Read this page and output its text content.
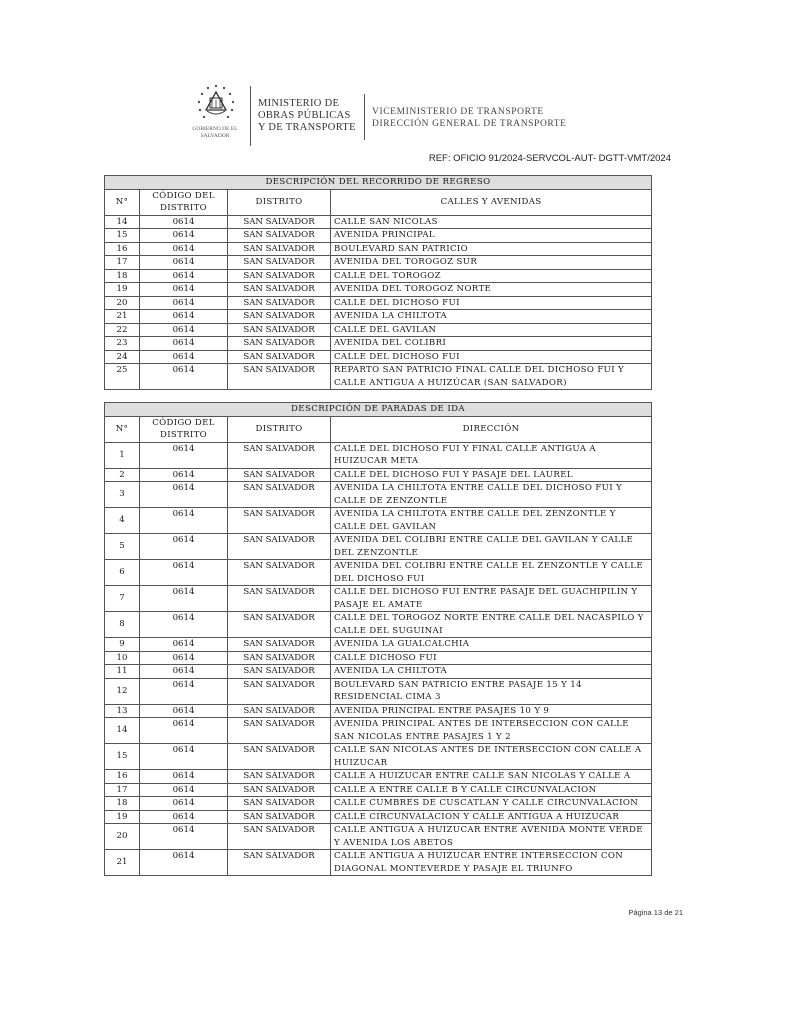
GOBIERNO DE EL SALVADOR
MINISTERIO DE
OBRAS PÚBLICAS
Y DE TRANSPORTE
VICEMINISTERIO DE TRANSPORTE
DIRECCIÓN GENERAL DE TRANSPORTE
REF: OFICIO 91/2024-SERVCOL-AUT- DGTT-VMT/2024
DESCRIPCIÓN DEL RECORRIDO DE REGRESO			
N°	CÓDIGO DEL DISTRITO	DISTRITO	CALLES Y AVENIDAS
14	0614	SAN SALVADOR	CALLE SAN NICOLAS
15	0614	SAN SALVADOR	AVENIDA PRINCIPAL
16	0614	SAN SALVADOR	BOULEVARD SAN PATRICIO
17	0614	SAN SALVADOR	AVENIDA DEL TOROGOZ SUR
18	0614	SAN SALVADOR	CALLE DEL TOROGOZ
19	0614	SAN SALVADOR	AVENIDA DEL TOROGOZ NORTE
20	0614	SAN SALVADOR	CALLE DEL DICHOSO FUI
21	0614	SAN SALVADOR	AVENIDA LA CHILTOTA
22	0614	SAN SALVADOR	CALLE DEL GAVILAN
23	0614	SAN SALVADOR	AVENIDA DEL COLIBRI
24	0614	SAN SALVADOR	CALLE DEL DICHOSO FUI
25	0614	SAN SALVADOR	REPARTO SAN PATRICIO FINAL CALLE DEL DICHOSO FUI Y CALLE ANTIGUA A HUIZÚCAR (SAN SALVADOR)
DESCRIPCIÓN DE PARADAS DE IDA			
N°	CÓDIGO DEL DISTRITO	DISTRITO	DIRECCIÓN
1	0614	SAN SALVADOR	CALLE DEL DICHOSO FUI Y FINAL CALLE ANTIGUA A HUIZUCAR META
2	0614	SAN SALVADOR	CALLE DEL DICHOSO FUI Y PASAJE DEL LAUREL
3	0614	SAN SALVADOR	AVENIDA LA CHILTOTA ENTRE CALLE DEL DICHOSO FUI Y CALLE DE ZENZONTLE
4	0614	SAN SALVADOR	AVENIDA LA CHILTOTA ENTRE CALLE DEL ZENZONTLE Y CALLE DEL GAVILAN
5	0614	SAN SALVADOR	AVENIDA DEL COLIBRI ENTRE CALLE DEL GAVILAN Y CALLE DEL ZENZONTLE
6	0614	SAN SALVADOR	AVENIDA DEL COLIBRI ENTRE CALLE EL ZENZONTLE Y CALLE DEL DICHOSO FUI
7	0614	SAN SALVADOR	CALLE DEL DICHOSO FUI ENTRE PASAJE DEL GUACHIPILIN Y PASAJE EL AMATE
8	0614	SAN SALVADOR	CALLE DEL TOROGOZ NORTE ENTRE CALLE DEL NACASPILO Y CALLE DEL SUGUINAI
9	0614	SAN SALVADOR	AVENIDA LA GUALCALCHIA
10	0614	SAN SALVADOR	CALLE DICHOSO FUI
11	0614	SAN SALVADOR	AVENIDA LA CHILTOTA
12	0614	SAN SALVADOR	BOULEVARD SAN PATRICIO ENTRE PASAJE 15 Y 14 RESIDENCIAL CIMA 3
13	0614	SAN SALVADOR	AVENIDA PRINCIPAL ENTRE PASAJES 10 Y 9
14	0614	SAN SALVADOR	AVENIDA PRINCIPAL ANTES DE INTERSECCION CON CALLE SAN NICOLAS ENTRE PASAJES 1 Y 2
15	0614	SAN SALVADOR	CALLE SAN NICOLAS ANTES DE INTERSECCION CON CALLE A HUIZUCAR
16	0614	SAN SALVADOR	CALLE A HUIZUCAR ENTRE CALLE SAN NICOLAS Y CALLE A
17	0614	SAN SALVADOR	CALLE A ENTRE CALLE B Y CALLE CIRCUNVALACION
18	0614	SAN SALVADOR	CALLE CUMBRES DE CUSCATLAN Y CALLE CIRCUNVALACION
19	0614	SAN SALVADOR	CALLE CIRCUNVALACION Y CALLE ANTIGUA A HUIZUCAR
20	0614	SAN SALVADOR	CALLE ANTIGUA A HUIZUCAR ENTRE AVENIDA MONTE VERDE Y AVENIDA LOS ABETOS
21	0614	SAN SALVADOR	CALLE ANTIGUA A HUIZUCAR ENTRE INTERSECCION CON DIAGONAL MONTEVERDE Y PASAJE EL TRIUNFO
Página 13 de 21
